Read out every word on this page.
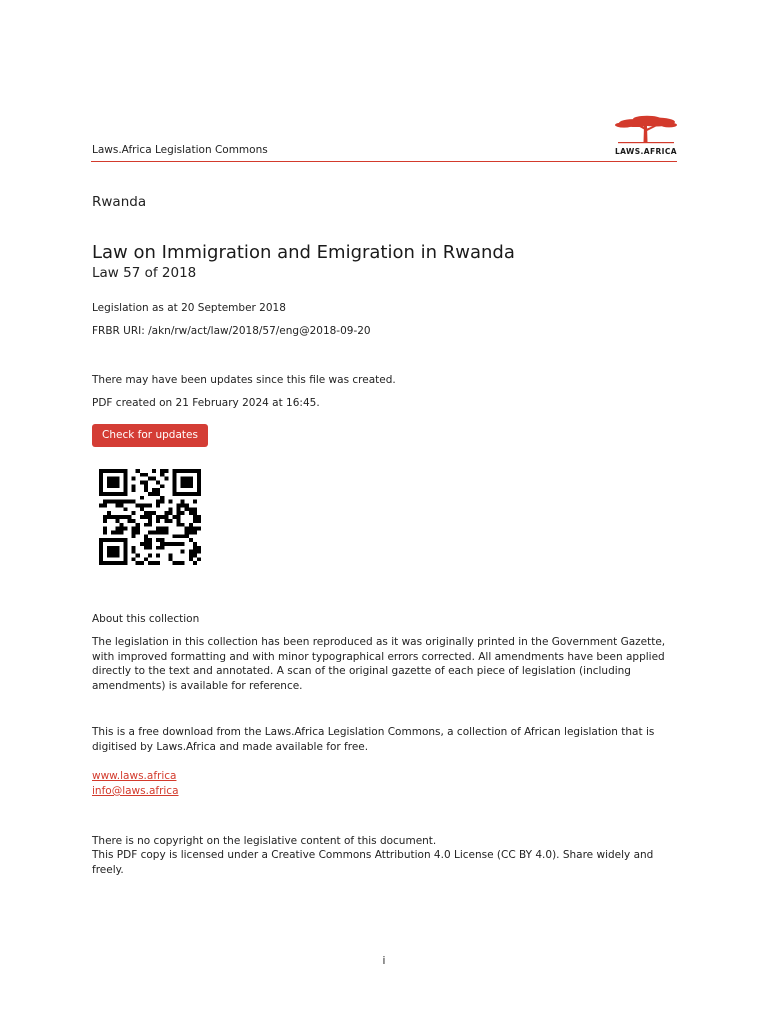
Laws.Africa Legislation Commons	LAWS.AFRICA
Rwanda
Law on Immigration and Emigration in Rwanda
Law 57 of 2018
Legislation as at 20 September 2018
FRBR URI: /akn/rw/act/law/2018/57/eng@2018-09-20
There may have been updates since this file was created.
PDF created on 21 February 2024 at 16:45.
Check for updates
About this collection
The legislation in this collection has been reproduced as it was originally printed in the Government Gazette, with improved formatting and with minor typographical errors corrected. All amendments have been applied directly to the text and annotated. A scan of the original gazette of each piece of legislation (including amendments) is available for reference.
This is a free download from the Laws.Africa Legislation Commons, a collection of African legislation that is digitised by Laws.Africa and made available for free.
www.laws.africa
info@laws.africa
There is no copyright on the legislative content of this document.
This PDF copy is licensed under a Creative Commons Attribution 4.0 License (CC BY 4.0). Share widely and freely.
i
